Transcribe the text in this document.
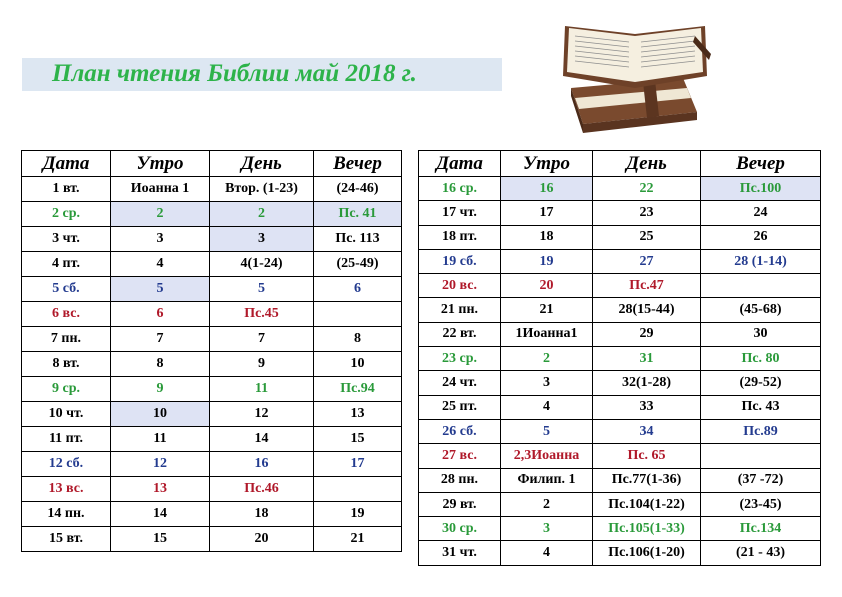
План чтения Библии май 2018 г.
Дата	Утро	День	Вечер
1 вт.	Иоанна 1	Втор. (1-23)	(24-46)
2 ср.	2	2	Пс. 41
3 чт.	3	3	Пс. 113
4 пт.	4	4(1-24)	(25-49)
5 сб.	5	5	6
6 вс.	6	Пс.45	
7 пн.	7	7	8
8 вт.	8	9	10
9 ср.	9	11	Пс.94
10 чт.	10	12	13
11 пт.	11	14	15
12 сб.	12	16	17
13 вс.	13	Пс.46	
14 пн.	14	18	19
15 вт.	15	20	21
Дата	Утро	День	Вечер
16 ср.	16	22	Пс.100
17 чт.	17	23	24
18 пт.	18	25	26
19 сб.	19	27	28 (1-14)
20 вс.	20	Пс.47	
21 пн.	21	28(15-44)	(45-68)
22 вт.	1Иоанна1	29	30
23 ср.	2	31	Пс. 80
24 чт.	3	32(1-28)	(29-52)
25 пт.	4	33	Пс. 43
26 сб.	5	34	Пс.89
27 вс.	2,3Иоанна	Пс. 65	
28 пн.	Филип. 1	Пс.77(1-36)	(37 -72)
29 вт.	2	Пс.104(1-22)	(23-45)
30 ср.	3	Пс.105(1-33)	Пс.134
31 чт.	4	Пс.106(1-20)	(21 - 43)
